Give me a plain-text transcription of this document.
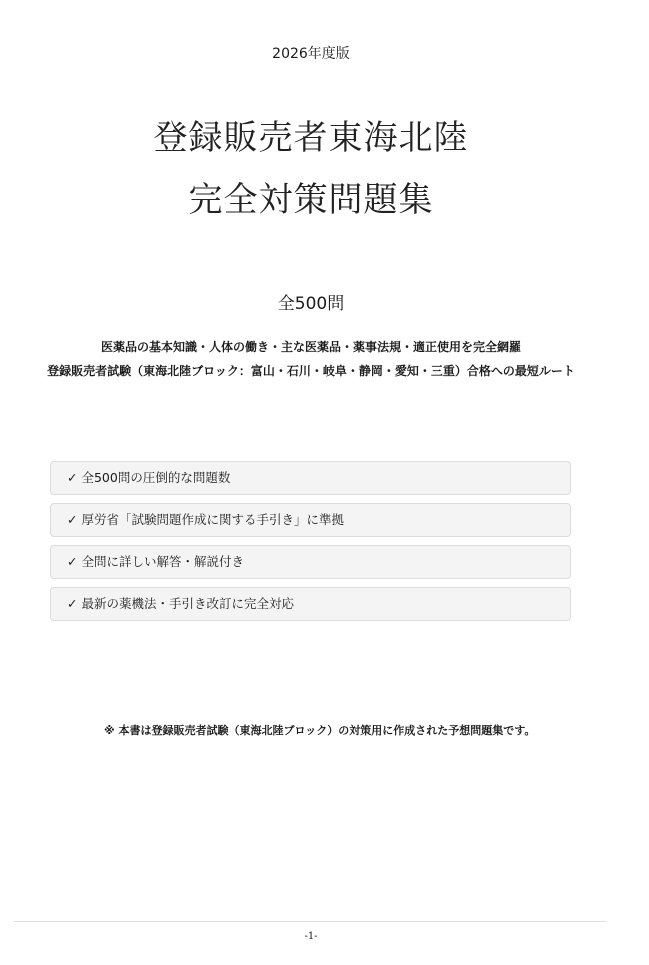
2026年度版
登録販売者東海北陸
完全対策問題集
全500問
医薬品の基本知識・人体の働き・主な医薬品・薬事法規・適正使用を完全網羅
登録販売者試験（東海北陸ブロック：富山・石川・岐阜・静岡・愛知・三重）合格への最短ルート
✓ 全500問の圧倒的な問題数
✓ 厚労省「試験問題作成に関する手引き」に準拠
✓ 全問に詳しい解答・解説付き
✓ 最新の薬機法・手引き改訂に完全対応
※ 本書は登録販売者試験（東海北陸ブロック）の対策用に作成された予想問題集です。
-1-
